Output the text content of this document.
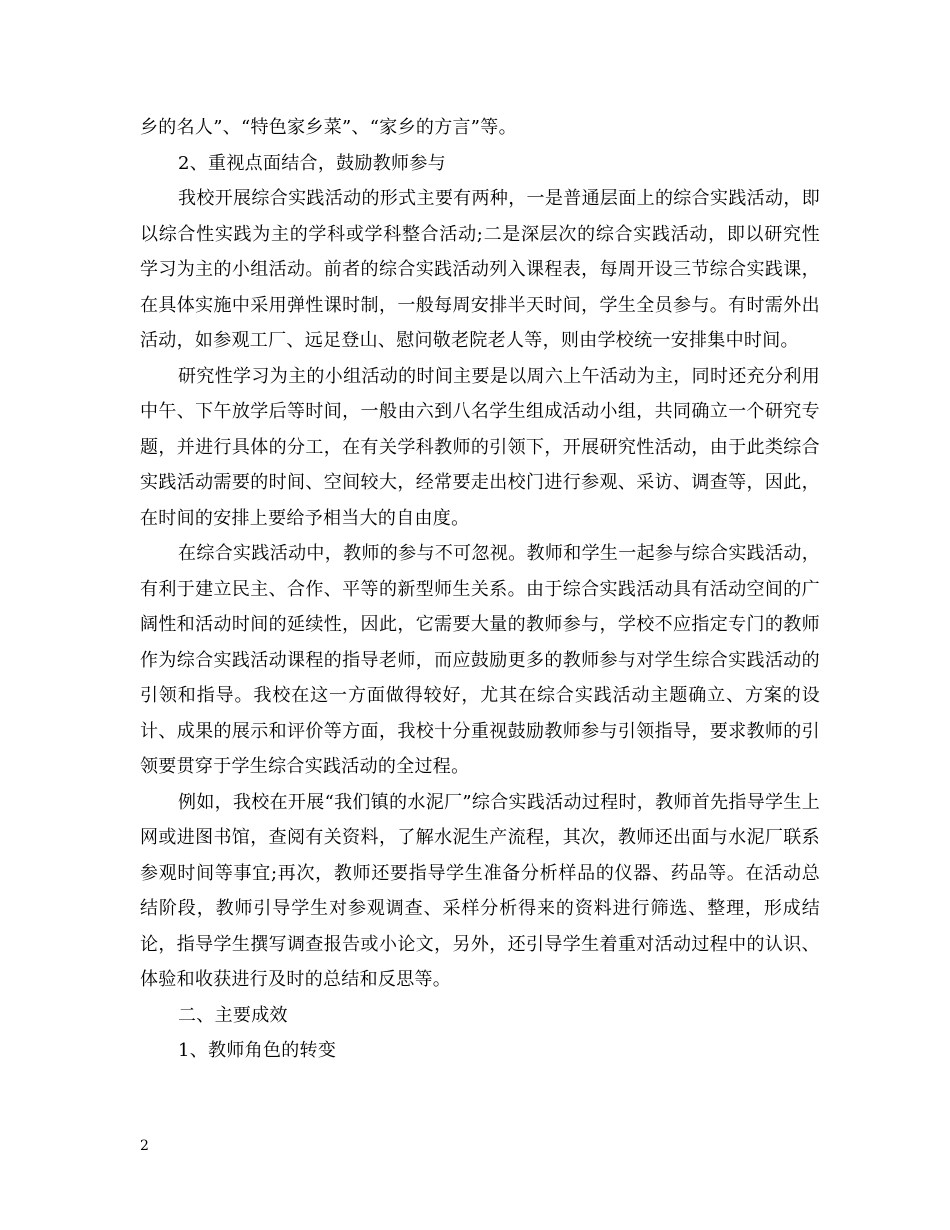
乡的名人”、“特色家乡菜”、“家乡的方言”等。

2、重视点面结合，鼓励教师参与

我校开展综合实践活动的形式主要有两种，一是普通层面上的综合实践活动，即以综合性实践为主的学科或学科整合活动;二是深层次的综合实践活动，即以研究性学习为主的小组活动。前者的综合实践活动列入课程表，每周开设三节综合实践课，在具体实施中采用弹性课时制，一般每周安排半天时间，学生全员参与。有时需外出活动，如参观工厂、远足登山、慰问敬老院老人等，则由学校统一安排集中时间。

研究性学习为主的小组活动的时间主要是以周六上午活动为主，同时还充分利用中午、下午放学后等时间，一般由六到八名学生组成活动小组，共同确立一个研究专题，并进行具体的分工，在有关学科教师的引领下，开展研究性活动，由于此类综合实践活动需要的时间、空间较大，经常要走出校门进行参观、采访、调查等，因此，在时间的安排上要给予相当大的自由度。

在综合实践活动中，教师的参与不可忽视。教师和学生一起参与综合实践活动，有利于建立民主、合作、平等的新型师生关系。由于综合实践活动具有活动空间的广阔性和活动时间的延续性，因此，它需要大量的教师参与，学校不应指定专门的教师作为综合实践活动课程的指导老师，而应鼓励更多的教师参与对学生综合实践活动的引领和指导。我校在这一方面做得较好，尤其在综合实践活动主题确立、方案的设计、成果的展示和评价等方面，我校十分重视鼓励教师参与引领指导，要求教师的引领要贯穿于学生综合实践活动的全过程。

例如，我校在开展“我们镇的水泥厂”综合实践活动过程时，教师首先指导学生上网或进图书馆，查阅有关资料，了解水泥生产流程，其次，教师还出面与水泥厂联系参观时间等事宜;再次，教师还要指导学生准备分析样品的仪器、药品等。在活动总结阶段，教师引导学生对参观调查、采样分析得来的资料进行筛选、整理，形成结论，指导学生撰写调查报告或小论文，另外，还引导学生着重对活动过程中的认识、体验和收获进行及时的总结和反思等。

二、主要成效

1、教师角色的转变

2
